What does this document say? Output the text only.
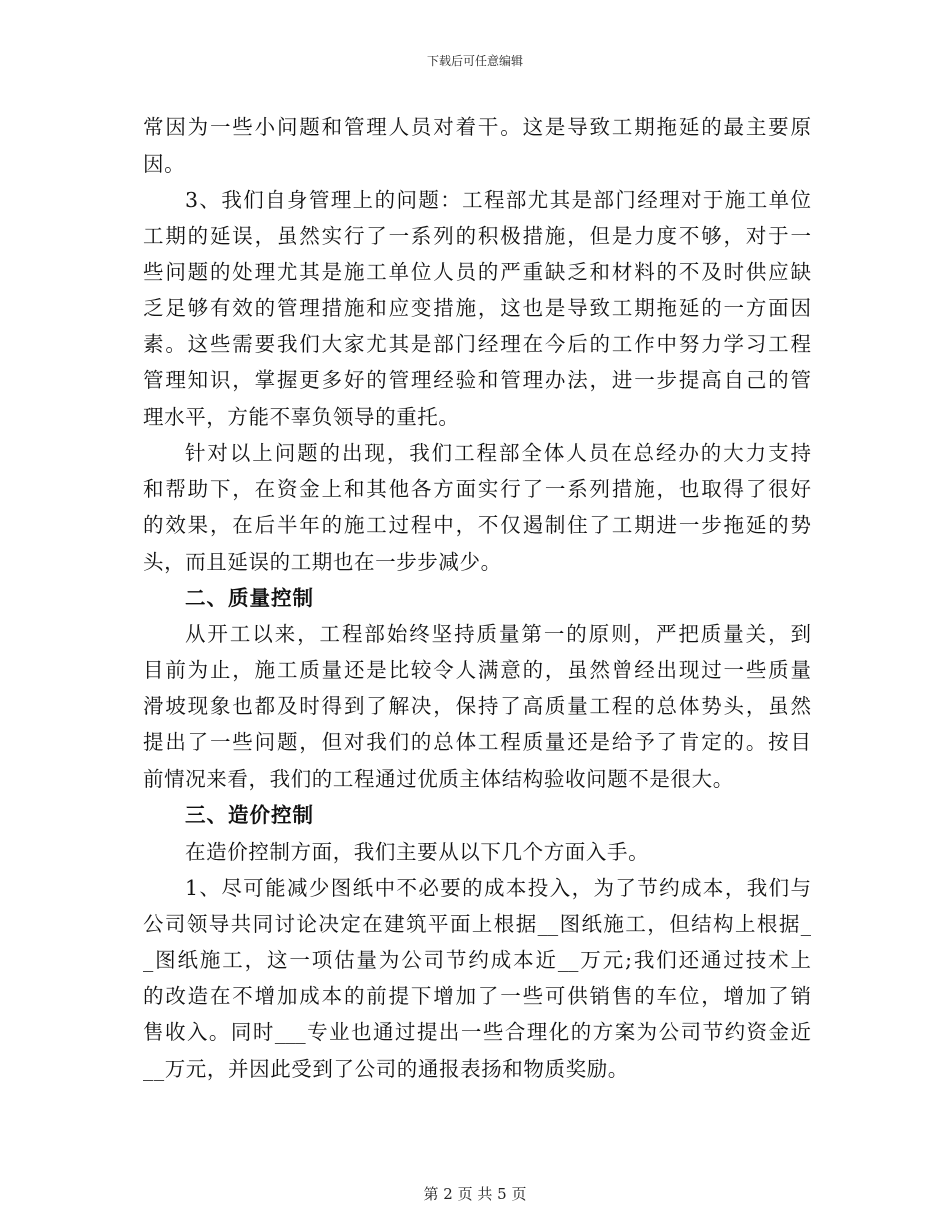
下载后可任意编辑
常因为一些小问题和管理人员对着干。这是导致工期拖延的最主要原
因。
3、我们自身管理上的问题：工程部尤其是部门经理对于施工单位
工期的延误，虽然实行了一系列的积极措施，但是力度不够，对于一
些问题的处理尤其是施工单位人员的严重缺乏和材料的不及时供应缺
乏足够有效的管理措施和应变措施，这也是导致工期拖延的一方面因
素。这些需要我们大家尤其是部门经理在今后的工作中努力学习工程
管理知识，掌握更多好的管理经验和管理办法，进一步提高自己的管
理水平，方能不辜负领导的重托。
针对以上问题的出现，我们工程部全体人员在总经办的大力支持
和帮助下，在资金上和其他各方面实行了一系列措施，也取得了很好
的效果，在后半年的施工过程中，不仅遏制住了工期进一步拖延的势
头，而且延误的工期也在一步步减少。
二、质量控制
从开工以来，工程部始终坚持质量第一的原则，严把质量关，到
目前为止，施工质量还是比较令人满意的，虽然曾经出现过一些质量
滑坡现象也都及时得到了解决，保持了高质量工程的总体势头，虽然
提出了一些问题，但对我们的总体工程质量还是给予了肯定的。按目
前情况来看，我们的工程通过优质主体结构验收问题不是很大。
三、造价控制
在造价控制方面，我们主要从以下几个方面入手。
1、尽可能减少图纸中不必要的成本投入，为了节约成本，我们与
公司领导共同讨论决定在建筑平面上根据__图纸施工，但结构上根据_
_图纸施工，这一项估量为公司节约成本近__万元;我们还通过技术上
的改造在不增加成本的前提下增加了一些可供销售的车位，增加了销
售收入。同时___专业也通过提出一些合理化的方案为公司节约资金近
__万元，并因此受到了公司的通报表扬和物质奖励。
第 2 页 共 5 页
